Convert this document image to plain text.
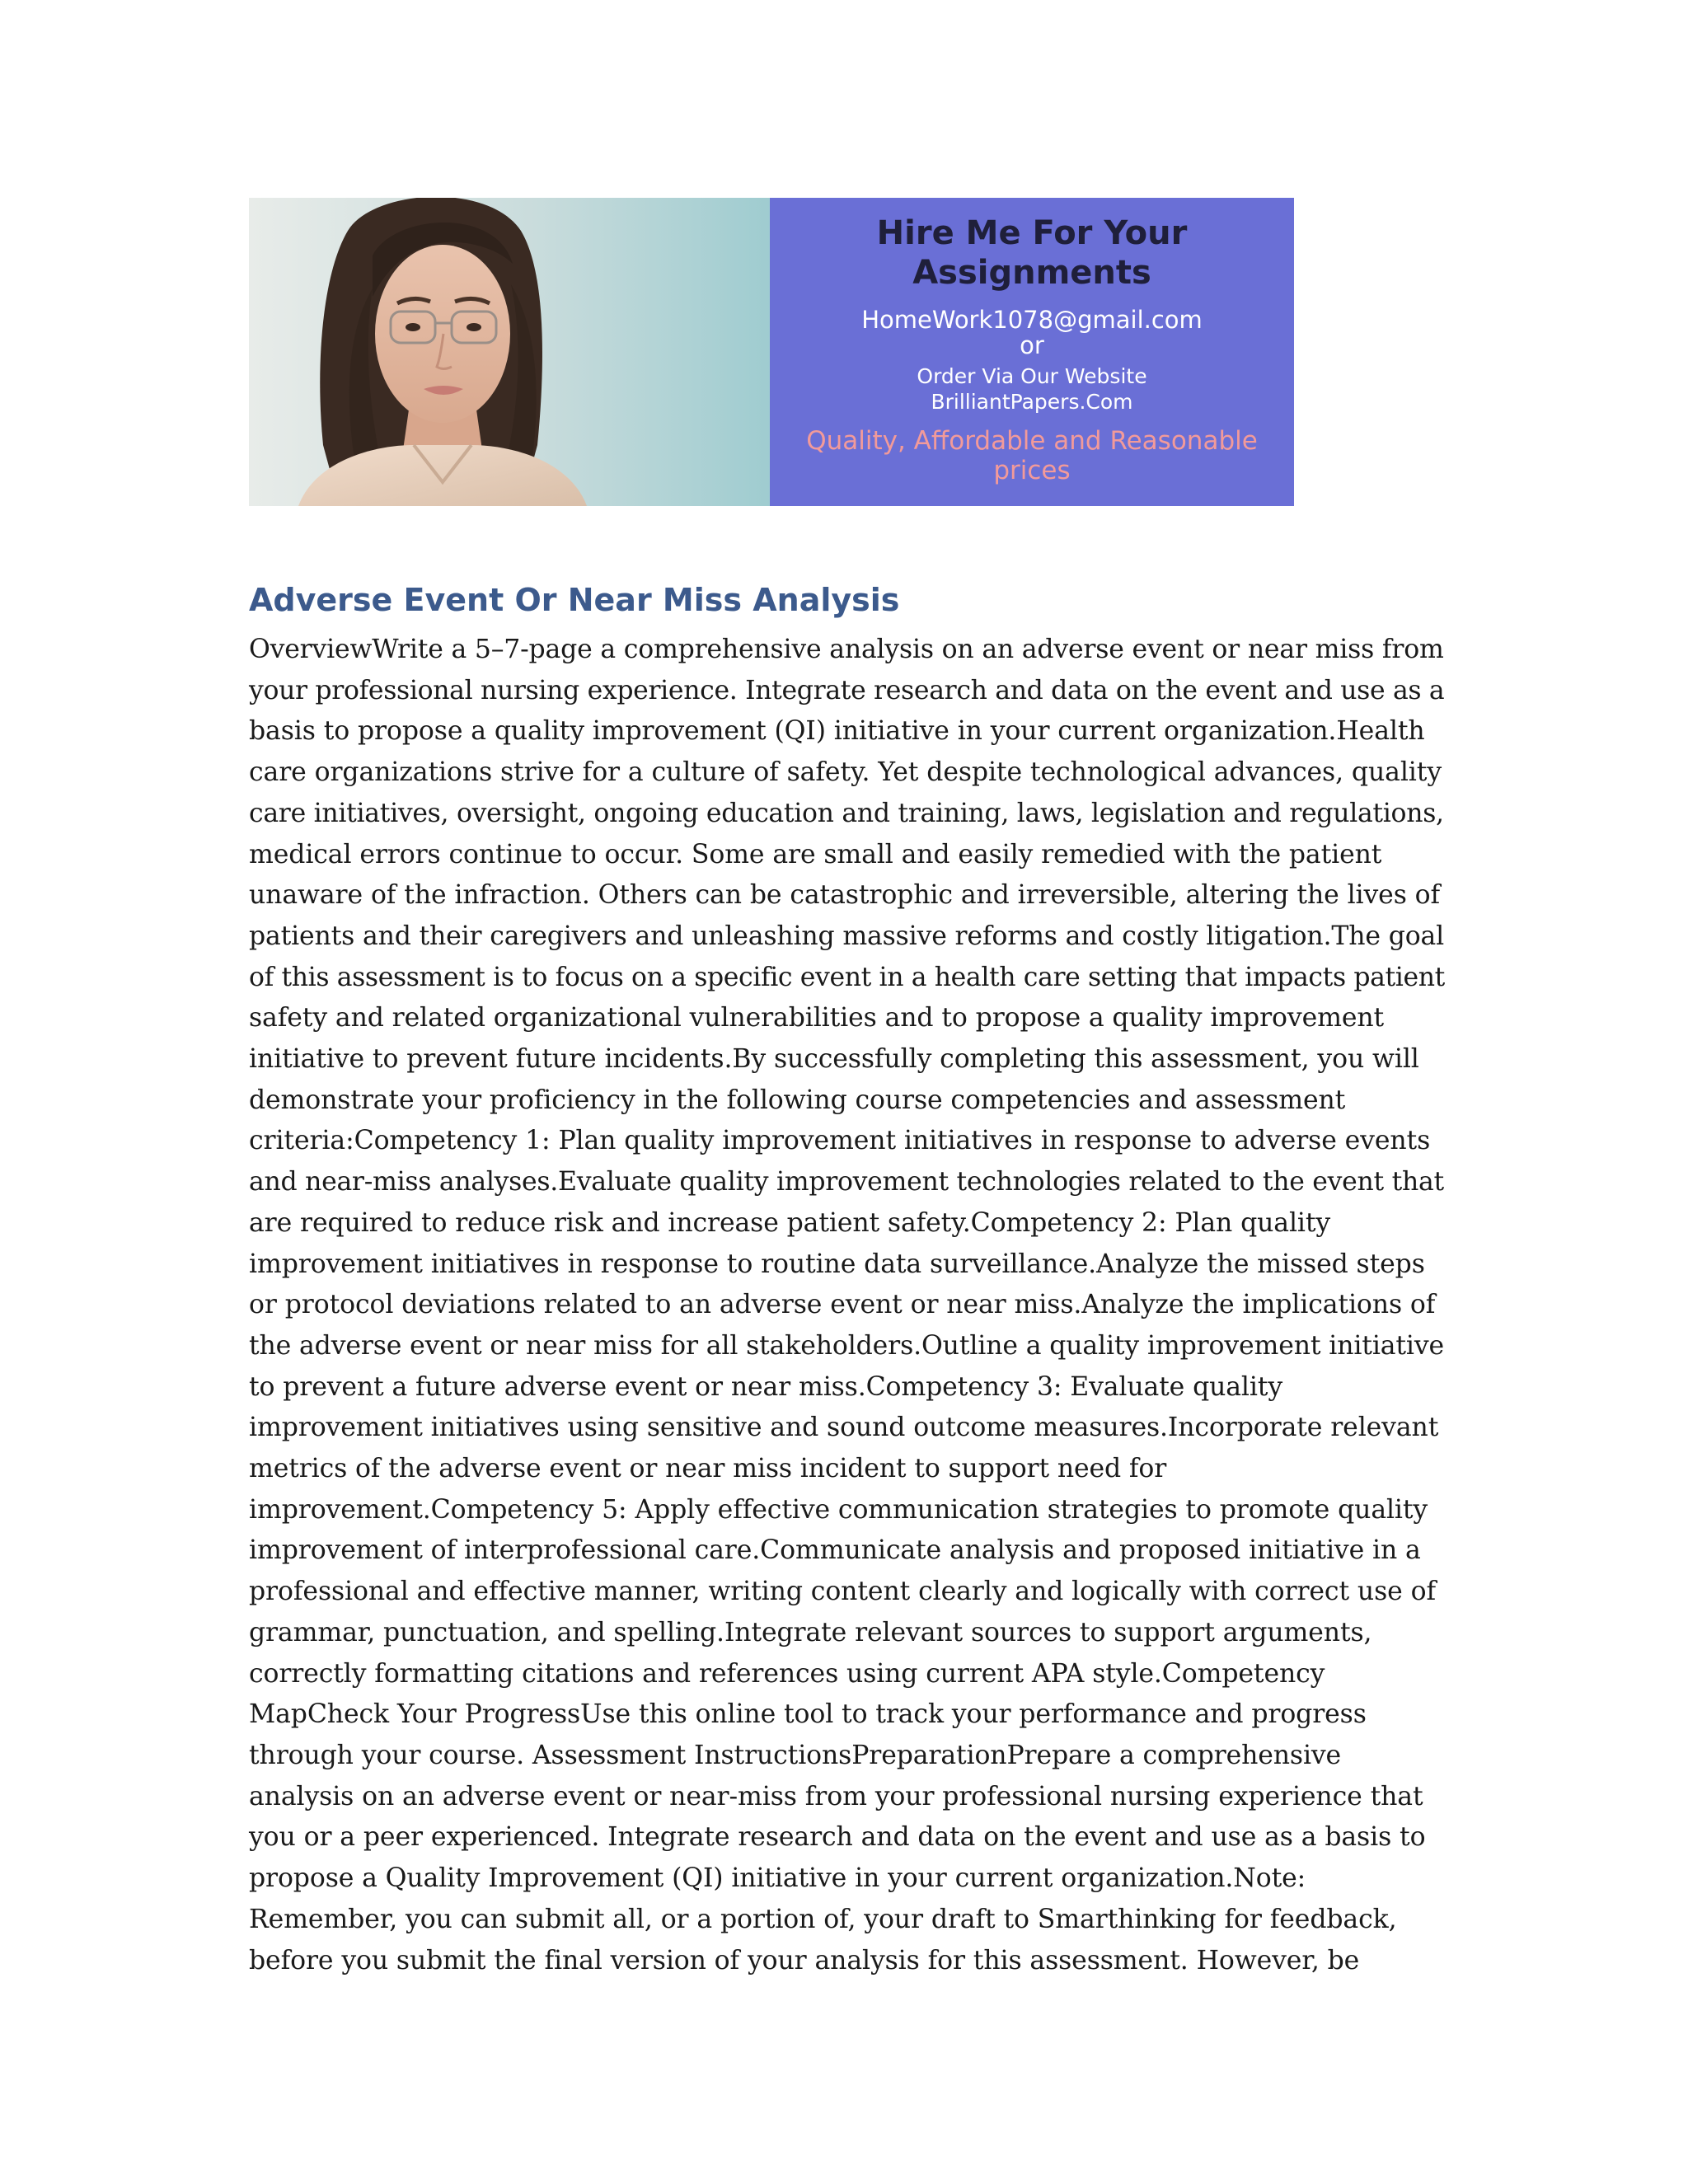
Hire Me For Your Assignments
HomeWork1078@gmail.com
or
Order Via Our Website
BrilliantPapers.Com
Quality, Affordable and Reasonable prices
Adverse Event Or Near Miss Analysis
OverviewWrite a 5–7-page a comprehensive analysis on an adverse event or near miss from
your professional nursing experience. Integrate research and data on the event and use as a
basis to propose a quality improvement (QI) initiative in your current organization.Health
care organizations strive for a culture of safety. Yet despite technological advances, quality
care initiatives, oversight, ongoing education and training, laws, legislation and regulations,
medical errors continue to occur. Some are small and easily remedied with the patient
unaware of the infraction. Others can be catastrophic and irreversible, altering the lives of
patients and their caregivers and unleashing massive reforms and costly litigation.The goal
of this assessment is to focus on a specific event in a health care setting that impacts patient
safety and related organizational vulnerabilities and to propose a quality improvement
initiative to prevent future incidents.By successfully completing this assessment, you will
demonstrate your proficiency in the following course competencies and assessment
criteria:Competency 1: Plan quality improvement initiatives in response to adverse events
and near-miss analyses.Evaluate quality improvement technologies related to the event that
are required to reduce risk and increase patient safety.Competency 2: Plan quality
improvement initiatives in response to routine data surveillance.Analyze the missed steps
or protocol deviations related to an adverse event or near miss.Analyze the implications of
the adverse event or near miss for all stakeholders.Outline a quality improvement initiative
to prevent a future adverse event or near miss.Competency 3: Evaluate quality
improvement initiatives using sensitive and sound outcome measures.Incorporate relevant
metrics of the adverse event or near miss incident to support need for
improvement.Competency 5: Apply effective communication strategies to promote quality
improvement of interprofessional care.Communicate analysis and proposed initiative in a
professional and effective manner, writing content clearly and logically with correct use of
grammar, punctuation, and spelling.Integrate relevant sources to support arguments,
correctly formatting citations and references using current APA style.Competency
MapCheck Your ProgressUse this online tool to track your performance and progress
through your course. Assessment InstructionsPreparationPrepare a comprehensive
analysis on an adverse event or near-miss from your professional nursing experience that
you or a peer experienced. Integrate research and data on the event and use as a basis to
propose a Quality Improvement (QI) initiative in your current organization.Note:
Remember, you can submit all, or a portion of, your draft to Smarthinking for feedback,
before you submit the final version of your analysis for this assessment. However, be
